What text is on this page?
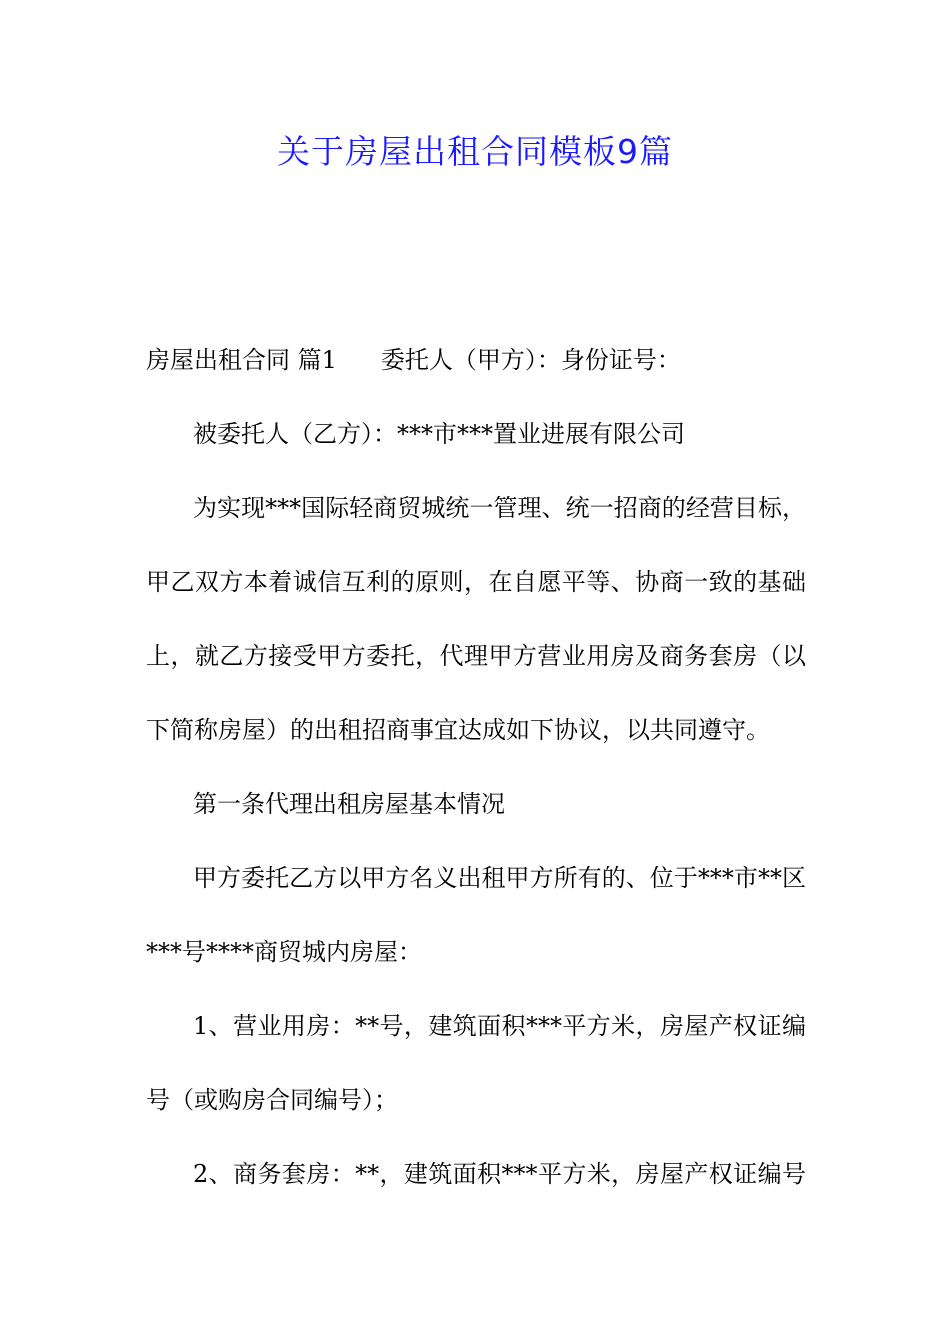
关于房屋出租合同模板9篇
房屋出租合同 篇1 委托人（甲方）：身份证号：
被委托人（乙方）：***市***置业进展有限公司
为实现***国际轻商贸城统一管理、统一招商的经营目标，
甲乙双方本着诚信互利的原则，在自愿平等、协商一致的基础
上，就乙方接受甲方委托，代理甲方营业用房及商务套房（以
下简称房屋）的出租招商事宜达成如下协议，以共同遵守。
第一条代理出租房屋基本情况
甲方委托乙方以甲方名义出租甲方所有的、位于***市**区
***号****商贸城内房屋：
1、营业用房：**号，建筑面积***平方米，房屋产权证编
号（或购房合同编号）；
2、商务套房：**，建筑面积***平方米，房屋产权证编号
